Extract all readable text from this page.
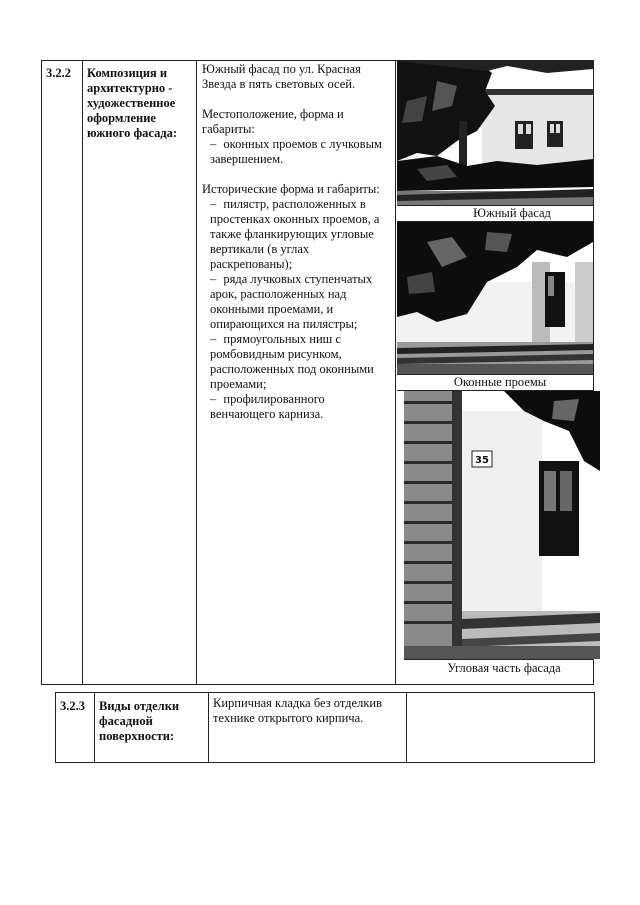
3.2.2	Композиция и архитектурно - художественное оформление южного фасада:

Южный фасад по ул. Красная Звезда в пять световых осей.

Местоположение, форма и габариты:
– оконных проемов с лучковым завершением.
Исторические форма и габариты:
– пилястр, расположенных в простенках оконных проемов, а также фланкирующих угловые вертикали (в углах раскрепованы);
– ряда лучковых ступенчатых арок, расположенных над оконными проемами, и опирающихся на пилястры;
– прямоугольных ниш с ромбовидным рисунком, расположенных под оконными проемами;
– профилированного венчающего карниза.
Южный фасад
Оконные проемы
35
Угловая часть фасада
3.2.3	Виды отделки фасадной поверхности:
Кирпичная кладка без отделкив технике открытого кирпича.
